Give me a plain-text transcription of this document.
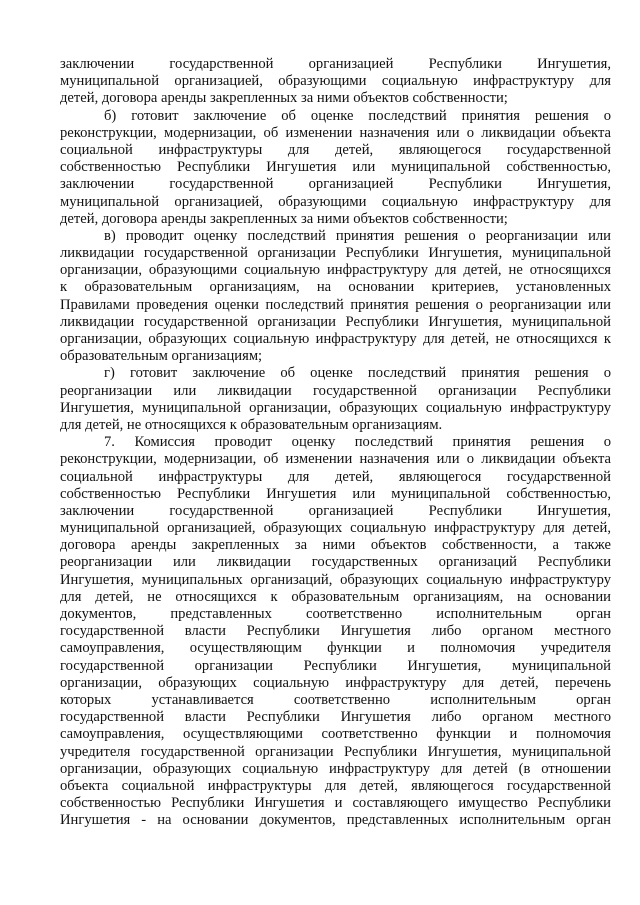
заключении государственной организацией Республики Ингушетия,
муниципальной организацией, образующими социальную инфраструктуру для
детей, договора аренды закрепленных за ними объектов собственности;
б) готовит заключение об оценке последствий принятия решения о
реконструкции, модернизации, об изменении назначения или о ликвидации объекта
социальной инфраструктуры для детей, являющегося государственной
собственностью Республики Ингушетия или муниципальной собственностью,
заключении государственной организацией Республики Ингушетия,
муниципальной организацией, образующими социальную инфраструктуру для
детей, договора аренды закрепленных за ними объектов собственности;
в) проводит оценку последствий принятия решения о реорганизации или
ликвидации государственной организации Республики Ингушетия, муниципальной
организации, образующими социальную инфраструктуру для детей, не относящихся
к образовательным организациям, на основании критериев, установленных
Правилами проведения оценки последствий принятия решения о реорганизации или
ликвидации государственной организации Республики Ингушетия, муниципальной
организации, образующих социальную инфраструктуру для детей, не относящихся к
образовательным организациям;
г) готовит заключение об оценке последствий принятия решения о
реорганизации или ликвидации государственной организации Республики
Ингушетия, муниципальной организации, образующих социальную инфраструктуру
для детей, не относящихся к образовательным организациям.
7. Комиссия проводит оценку последствий принятия решения о
реконструкции, модернизации, об изменении назначения или о ликвидации объекта
социальной инфраструктуры для детей, являющегося государственной
собственностью Республики Ингушетия или муниципальной собственностью,
заключении государственной организацией Республики Ингушетия,
муниципальной организацией, образующих социальную инфраструктуру для детей,
договора аренды закрепленных за ними объектов собственности, а также
реорганизации или ликвидации государственных организаций Республики
Ингушетия, муниципальных организаций, образующих социальную инфраструктуру
для детей, не относящихся к образовательным организациям, на основании
документов, представленных соответственно исполнительным орган
государственной власти Республики Ингушетия либо органом местного
самоуправления, осуществляющим функции и полномочия учредителя
государственной организации Республики Ингушетия, муниципальной
организации, образующих социальную инфраструктуру для детей, перечень
которых устанавливается соответственно исполнительным орган
государственной власти Республики Ингушетия либо органом местного
самоуправления, осуществляющими соответственно функции и полномочия
учредителя государственной организации Республики Ингушетия, муниципальной
организации, образующих социальную инфраструктуру для детей (в отношении
объекта социальной инфраструктуры для детей, являющегося государственной
собственностью Республики Ингушетия и составляющего имущество Республики
Ингушетия - на основании документов, представленных исполнительным орган
